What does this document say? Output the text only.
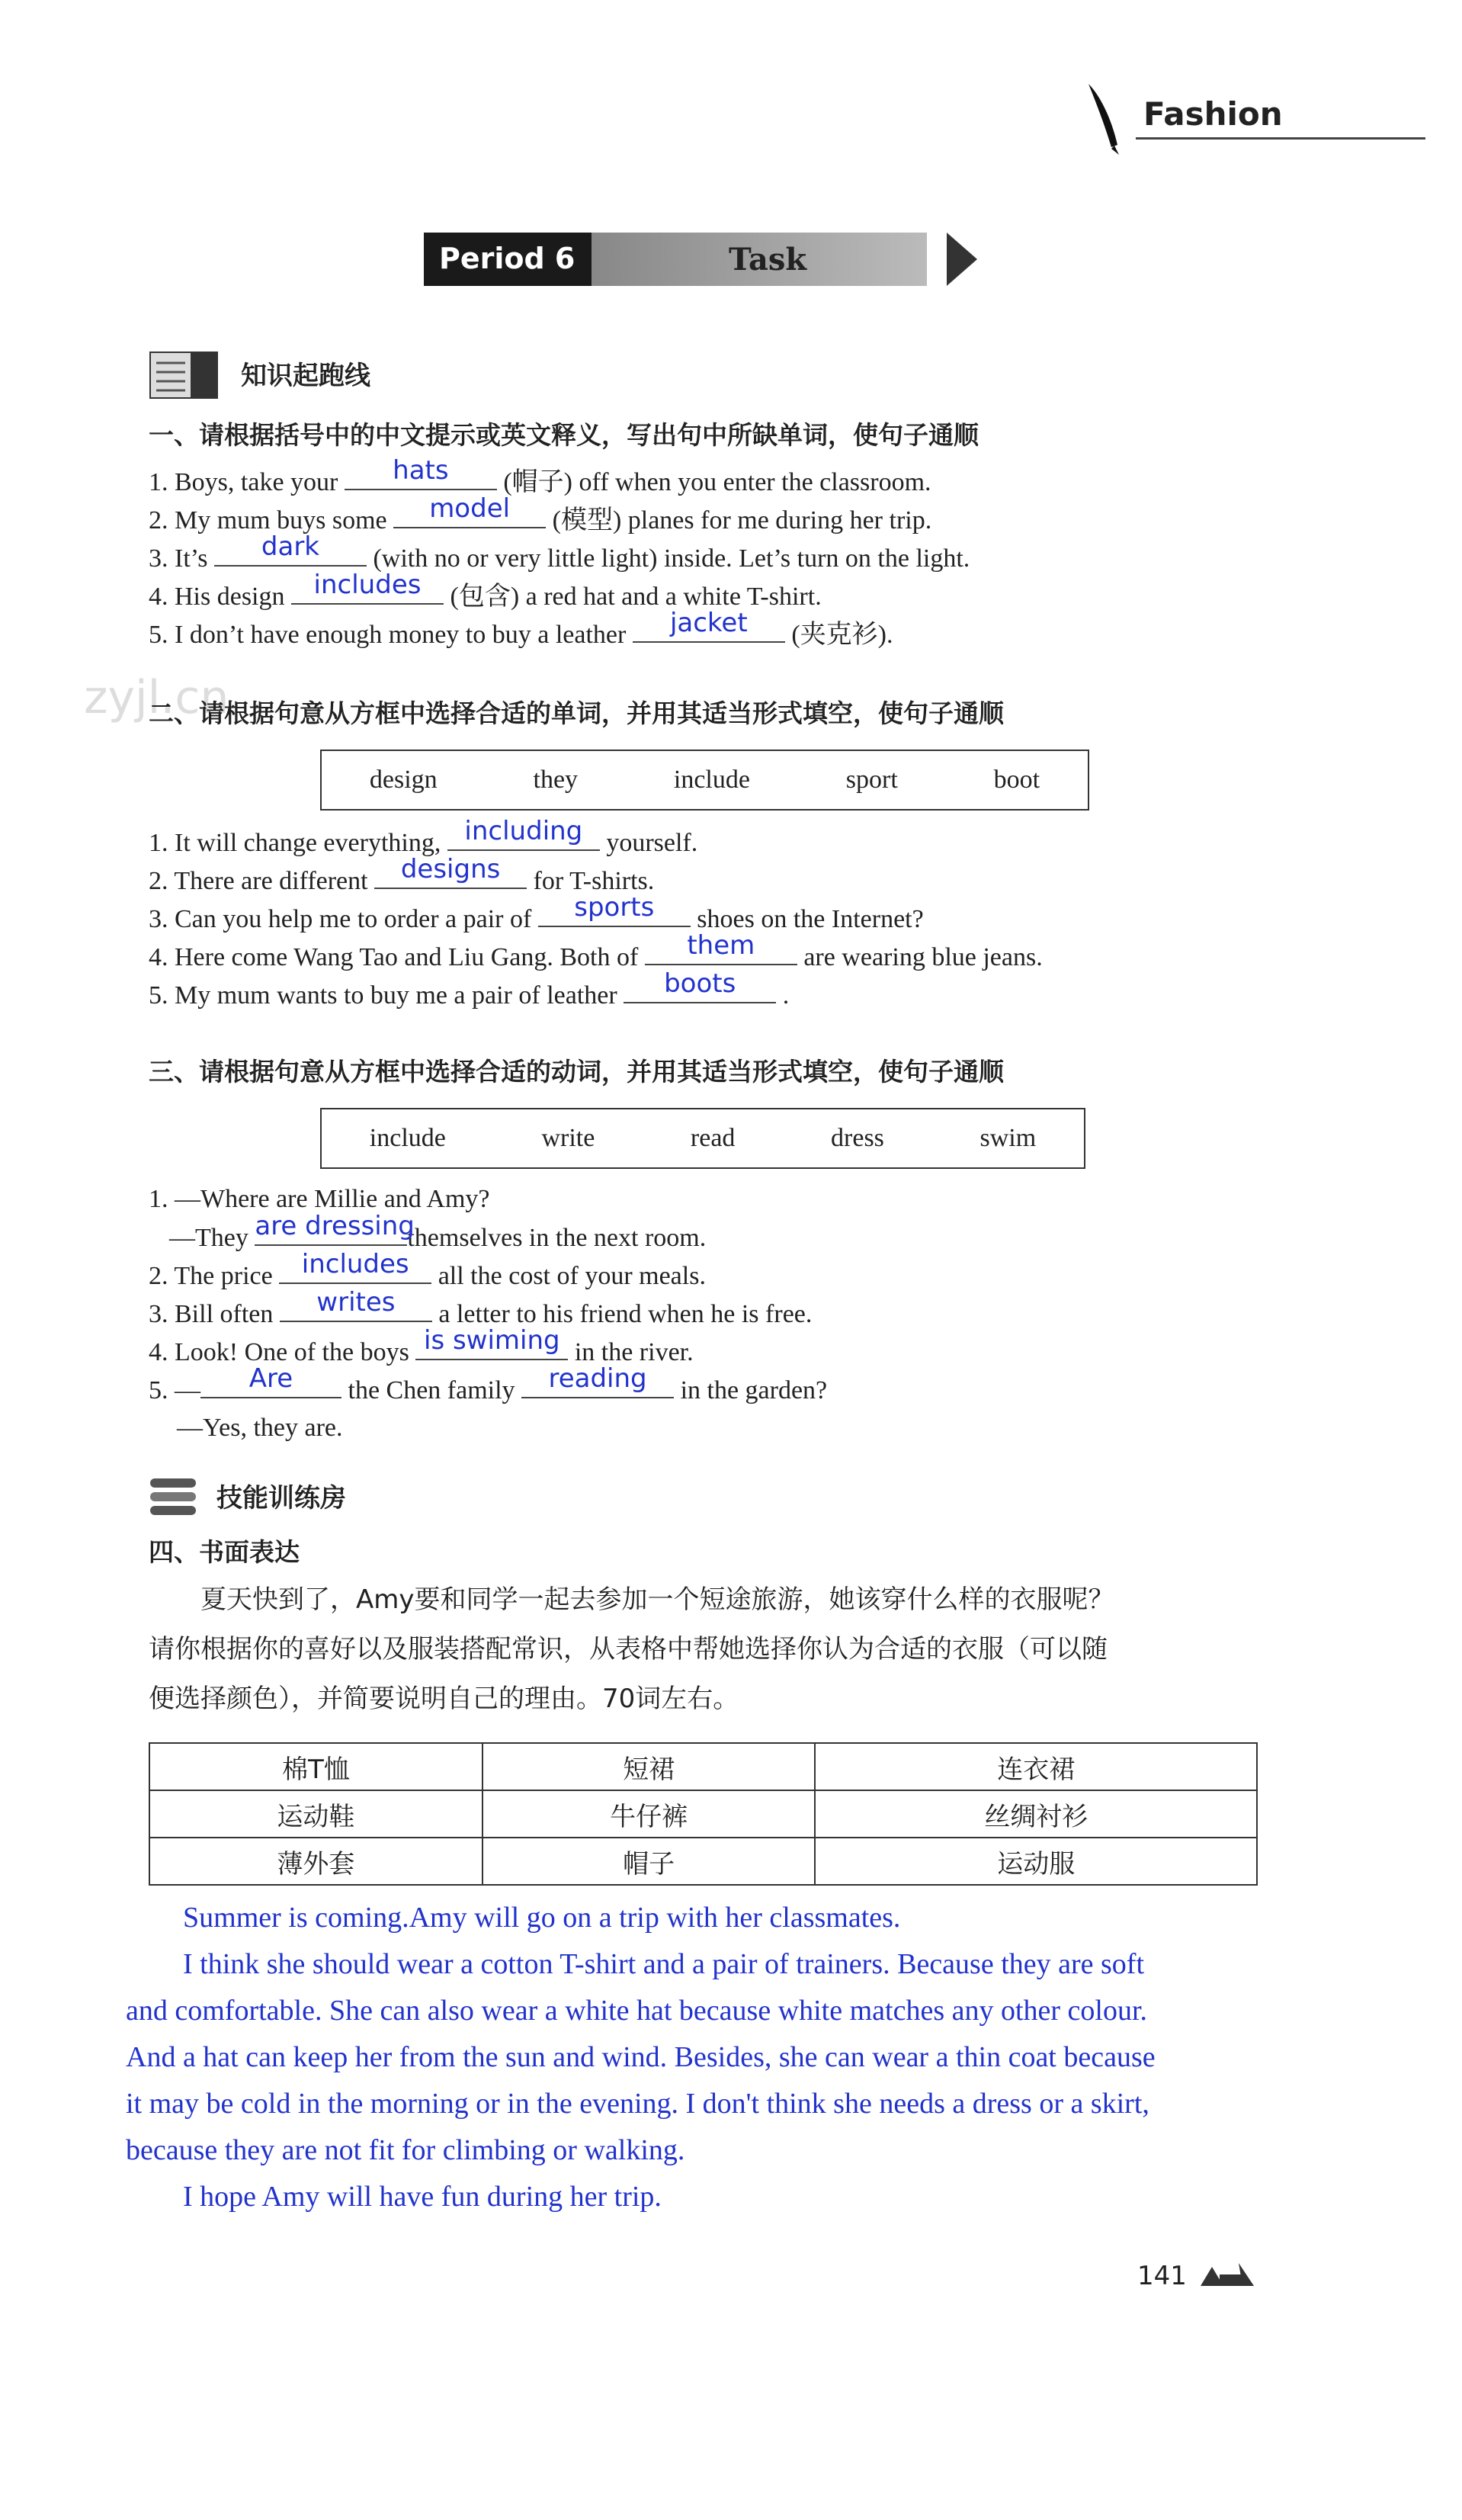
Fashion
Period 6	Task
知识起跑线
一、请根据括号中的中文提示或英文释义，写出句中所缺单词，使句子通顺
1. Boys, take your	hats	(帽子) off when you enter the classroom.
2. My mum buys some	model	(模型) planes for me during her trip.
3. It’s	dark	(with no or very little light) inside. Let’s turn on the light.
4. His design	includes	(包含) a red hat and a white T-shirt.
5. I don’t have enough money to buy a leather	jacket	(夹克衫).
zyjl.cn
二、请根据句意从方框中选择合适的单词，并用其适当形式填空，使句子通顺
design	they	include	sport	boot
1. It will change everything, including yourself.
2. There are different	designs	for T-shirts.
3. Can you help me to order a pair of	sports	shoes on the Internet?
4. Here come Wang Tao and Liu Gang. Both of	them	are wearing blue jeans.
5. My mum wants to buy me a pair of leather	boots	.
三、请根据句意从方框中选择合适的动词，并用其适当形式填空，使句子通顺
include	write	read	dress	swim
1. —Where are Millie and Amy?
—They are dressing
themselves in the next room.
2. The price	includes	all the cost of your meals.
3. Bill often	writes	a letter to his friend when he is free.
4. Look! One of the boys is swiming in the river.
5. —	Are	the Chen family	reading	in the garden?
—Yes, they are.
技能训练房
四、书面表达
夏天快到了，Amy要和同学一起去参加一个短途旅游，她该穿什么样的衣服呢？
请你根据你的喜好以及服装搭配常识，从表格中帮她选择你认为合适的衣服（可以随
便选择颜色），并简要说明自己的理由。70词左右。
棉T恤	短裙	连衣裙
运动鞋	牛仔裤	丝绸衬衫
薄外套	帽子	运动服
Summer is coming.Amy will go on a trip with her classmates.
I think she should wear a cotton T-shirt and a pair of trainers. Because they are soft
and comfortable. She can also wear a white hat because white matches any other colour.
And a hat can keep her from the sun and wind. Besides, she can wear a thin coat because
it may be cold in the morning or in the evening. I don't think she needs a dress or a skirt,
because they are not fit for climbing or walking.
I hope Amy will have fun during her trip.
141
